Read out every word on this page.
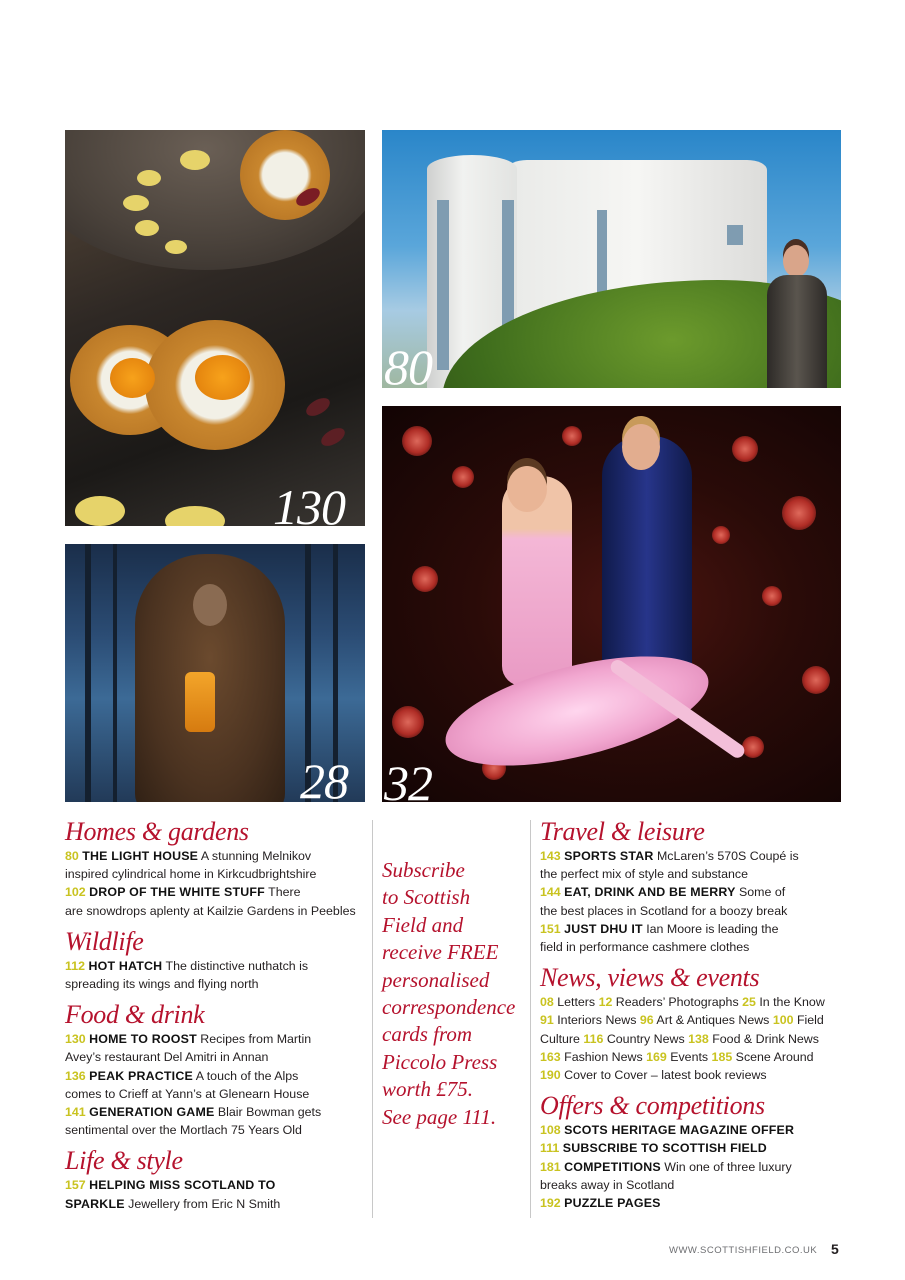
130
80
28 32
Homes & gardens
80 THE LIGHT HOUSE A stunning Melnikov
inspired cylindrical home in Kirkcudbrightshire
102 DROP OF THE WHITE STUFF There
are snowdrops aplenty at Kailzie Gardens in Peebles
Wildlife
112 HOT HATCH The distinctive nuthatch is
spreading its wings and flying north
Food & drink
130 HOME TO ROOST Recipes from Martin
Avey’s restaurant Del Amitri in Annan
136 PEAK PRACTICE A touch of the Alps
comes to Crieff at Yann’s at Glenearn House
141 GENERATION GAME Blair Bowman gets
sentimental over the Mortlach 75 Years Old
Life & style
157 HELPING MISS SCOTLAND TO
SPARKLE Jewellery from Eric N Smith
Subscribe
to Scottish
Field and
receive FREE
personalised
correspondence
cards from
Piccolo Press
worth £75.
See page 111.
Travel & leisure
143 SPORTS STAR McLaren’s 570S Coupé is
the perfect mix of style and substance
144 EAT, DRINK AND BE MERRY Some of
the best places in Scotland for a boozy break
151 JUST DHU IT Ian Moore is leading the
field in performance cashmere clothes
News, views & events
08 Letters 12 Readers’ Photographs 25 In the Know
91 Interiors News 96 Art & Antiques News 100 Field
Culture 116 Country News 138 Food & Drink News
163 Fashion News 169 Events 185 Scene Around
190 Cover to Cover – latest book reviews
Offers & competitions
108 SCOTS HERITAGE MAGAZINE OFFER
111 SUBSCRIBE TO SCOTTISH FIELD
181 COMPETITIONS Win one of three luxury
breaks away in Scotland
192 PUZZLE PAGES
WWW.SCOTTISHFIELD.CO.UK 5
